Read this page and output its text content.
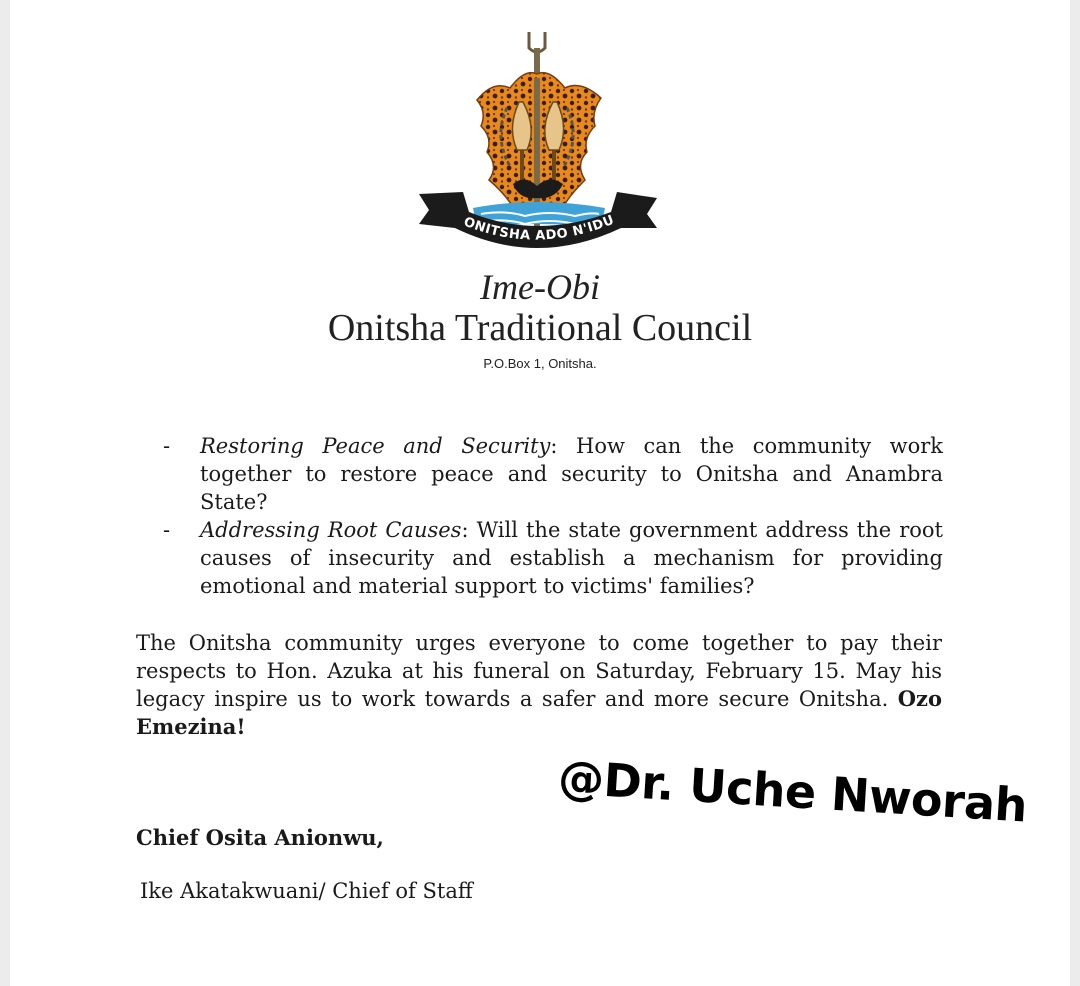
ONITSHA ADO N'IDU
Ime-Obi
Onitsha Traditional Council
P.O.Box 1, Onitsha.
- Restoring Peace and Security: How can the community work together to restore peace and security to Onitsha and Anambra State?

- Addressing Root Causes: Will the state government address the root causes of insecurity and establish a mechanism for providing emotional and material support to victims' families?

The Onitsha community urges everyone to come together to pay their respects to Hon. Azuka at his funeral on Saturday, February 15. May his legacy inspire us to work towards a safer and more secure Onitsha. Ozo Emezina!

@Dr. Uche Nworah
Chief Osita Anionwu,
Ike Akatakwuani/ Chief of Staff
